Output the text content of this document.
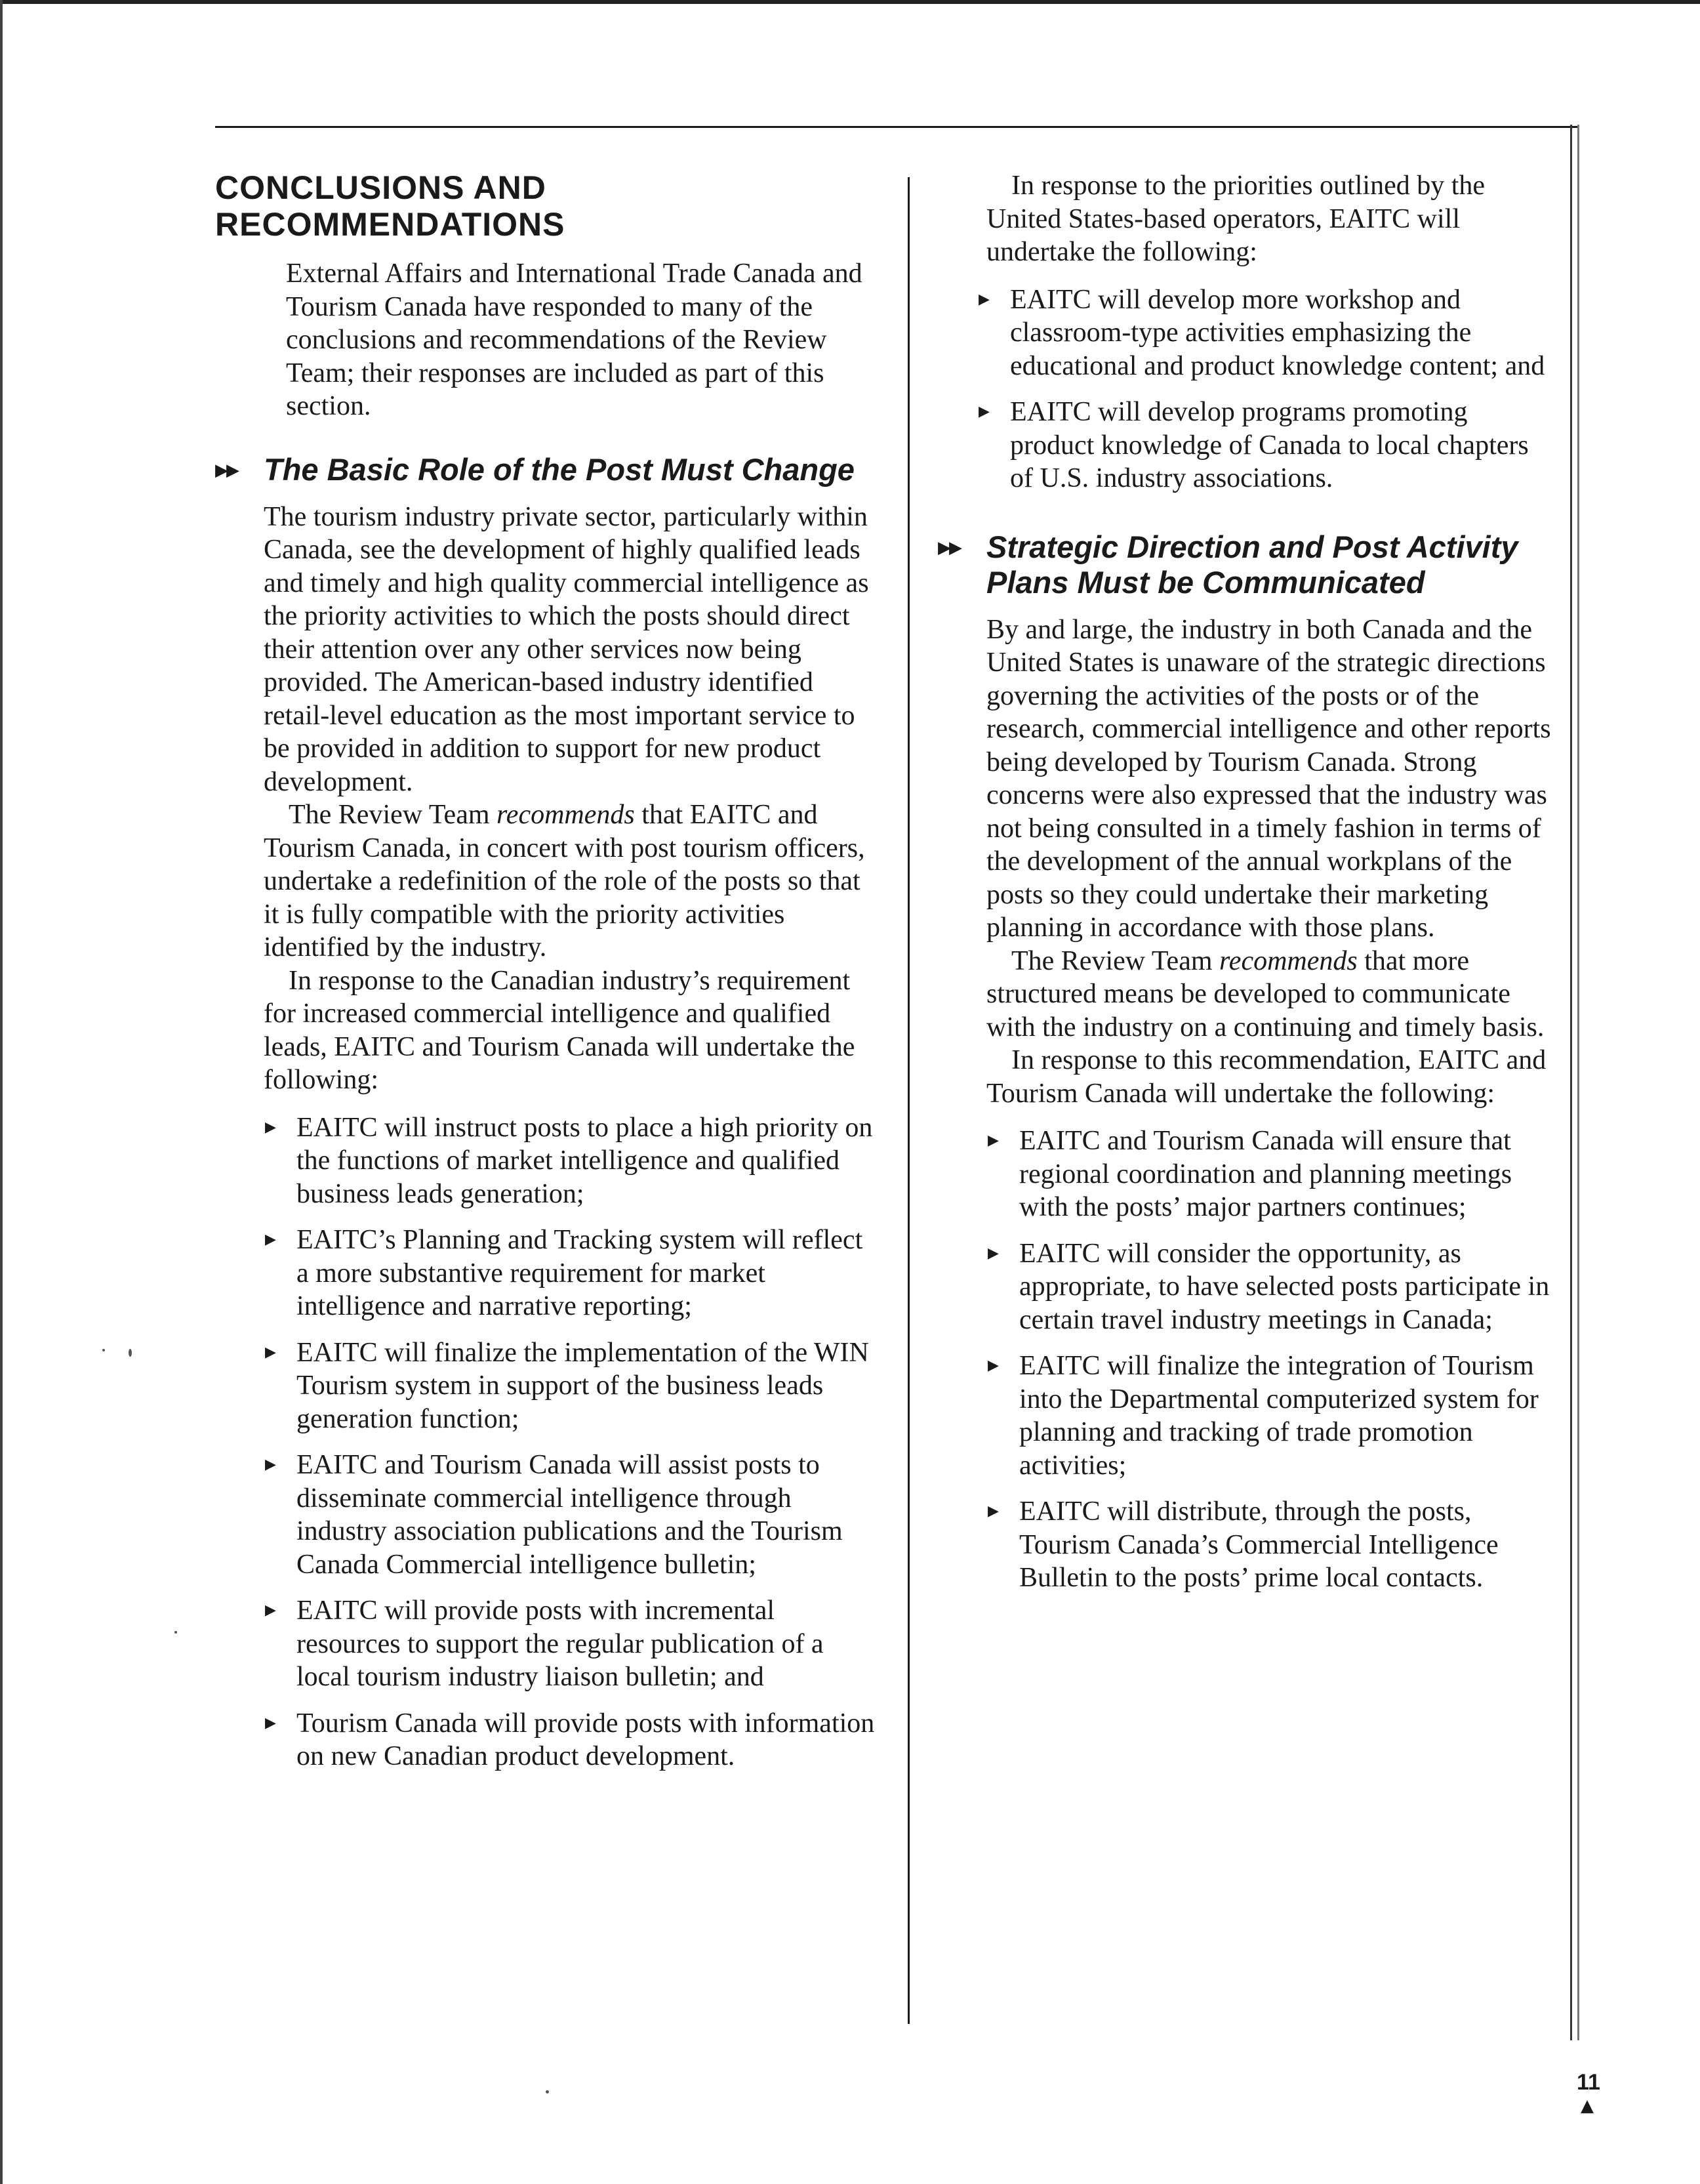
CONCLUSIONS AND RECOMMENDATIONS

External Affairs and International Trade Canada and Tourism Canada have responded to many of the conclusions and recommendations of the Review Team; their responses are included as part of this section.

▶▶ The Basic Role of the Post Must Change

The tourism industry private sector, particularly within Canada, see the development of highly qualified leads and timely and high quality commercial intelligence as the priority activities to which the posts should direct their attention over any other services now being provided. The American-based industry identified retail-level education as the most important service to be provided in addition to support for new product development.

The Review Team recommends that EAITC and Tourism Canada, in concert with post tourism officers, undertake a redefinition of the role of the posts so that it is fully compatible with the priority activities identified by the industry.

In response to the Canadian industry’s requirement for increased commercial intelligence and qualified leads, EAITC and Tourism Canada will undertake the following:

▶ EAITC will instruct posts to place a high priority on the functions of market intelligence and qualified business leads generation;
▶ EAITC’s Planning and Tracking system will reflect a more substantive requirement for market intelligence and narrative reporting;
▶ EAITC will finalize the implementation of the WIN Tourism system in support of the business leads generation function;
▶ EAITC and Tourism Canada will assist posts to disseminate commercial intelligence through industry association publications and the Tourism Canada Commercial intelligence bulletin;
▶ EAITC will provide posts with incremental resources to support the regular publication of a local tourism industry liaison bulletin; and
▶ Tourism Canada will provide posts with information on new Canadian product development.

In response to the priorities outlined by the United States-based operators, EAITC will undertake the following:

▶ EAITC will develop more workshop and classroom-type activities emphasizing the educational and product knowledge content; and
▶ EAITC will develop programs promoting product knowledge of Canada to local chapters of U.S. industry associations.
▶▶ Strategic Direction and Post Activity Plans Must be Communicated

By and large, the industry in both Canada and the United States is unaware of the strategic directions governing the activities of the posts or of the research, commercial intelligence and other reports being developed by Tourism Canada. Strong concerns were also expressed that the industry was not being consulted in a timely fashion in terms of the development of the annual workplans of the posts so they could undertake their marketing planning in accordance with those plans.

The Review Team recommends that more structured means be developed to communicate with the industry on a continuing and timely basis.

In response to this recommendation, EAITC and Tourism Canada will undertake the following:

▶ EAITC and Tourism Canada will ensure that regional coordination and planning meetings with the posts’ major partners continues;
▶ EAITC will consider the opportunity, as appropriate, to have selected posts participate in certain travel industry meetings in Canada;
▶ EAITC will finalize the integration of Tourism into the Departmental computerized system for planning and tracking of trade promotion activities;
▶ EAITC will distribute, through the posts, Tourism Canada’s Commercial Intelligence Bulletin to the posts’ prime local contacts.
11
▲
